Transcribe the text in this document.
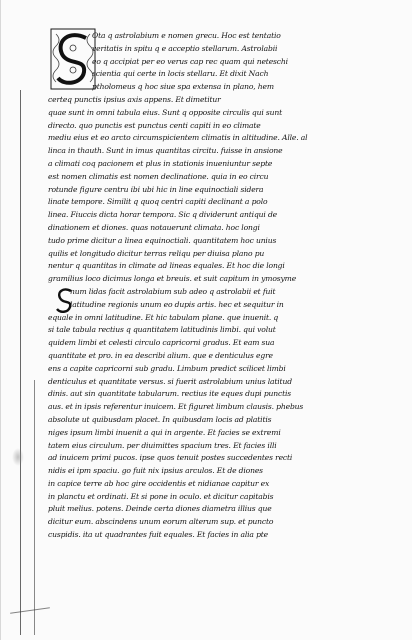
Ota q astrolabium e nomen grecu. Hoc est tentatio
veritatis in spitu q e acceptio stellarum. Astrolabii
eo q accipiat per eo verus cap rec quam qui neteschi
scientia qui certe in locis stellaru. Et dixit Nach
ptholomeus q hoc siue spa extensa in plano, hem
certeq punctis ipsius axis appens. Et dimetitur
quae sunt in omni tabula eius. Sunt q opposite circulis qui sunt
directo. quo punctis est punctus centi capiti in eo climate
mediu eius et eo arcto circumspicientem climatis in altitudine. Alle. al
linca in thauth. Sunt in imus quantitas circitu. fuisse in ansione
a climati coq pacionem et plus in stationis inueniuntur septe
est nomen climatis est nomen declinatione. quia in eo circu
rotunde figure centru ibi ubi hic in line equinoctiali sidera
linate tempore. Similit q quoq centri capiti declinant a polo
linea. Fiuccis dicta horar tempora. Sic q dividerunt antiqui de
dinationem et diones. quas notauerunt climata. hoc longi
tudo prime dicitur a linea equinoctiali. quantitatem hoc unius
quilis et longitudo dicitur terras reliqu per diuisa plano pu
nentur q quantitas in climate ad lineas equales. Et hoc die longi
gramilius loco dicimus longa et breuis. et suit capitum in ymosyme
num lidas facit astrolabium sub adeo q astrolabii et fuit
latitudine regionis unum eo dupis artis. hec et sequitur in
equale in omni latitudine. Et hic tabulam plane. que inuenit. q
si tale tabula rectius q quantitatem latitudinis limbi. qui volut
quidem limbi et celesti circulo capricorni gradus. Et eam sua
quantitate et pro. in ea describi alium. que e denticulus egre
ens a capite capricorni sub gradu. Limbum predict scilicet limbi
denticulus et quantitate versus. si fuerit astrolabium unius latitud
dinis. aut sin quantitate tabularum. rectius ite eques dupi punctis
aus. et in ipsis referentur inuicem. Et figuret limbum clausis. phebus
absolute ut quibusdam placet. In quibusdam locis ad platitis
niges ipsum limbi inuenit a qui in argente. Et facies se extremi
tatem eius circulum. per diuimittes spacium tres. Et facies illi
ad inuicem primi pucos. ipse quos tenuit postes succedentes recti
nidis ei ipm spaciu. go fuit nix ipsius arculos. Et de diones
in capice terre ab hoc gire occidentis et nidianae capitur ex
in planctu et ordinati. Et si pone in oculo. et dicitur capitabis
pluit melius. potens. Deinde certa diones diametra illius que
dicitur eum. abscindens unum eorum alterum sup. et puncto
cuspidis. ita ut quadrantes fuit equales. Et facies in alia pte
